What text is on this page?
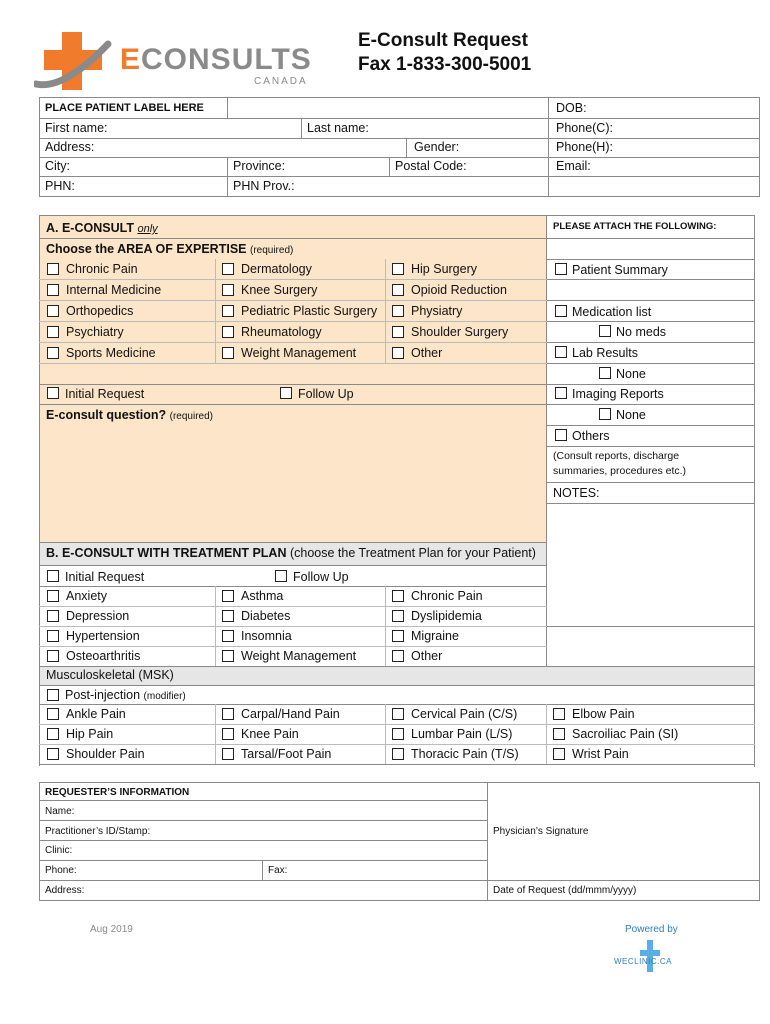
ECONSULTS
CANADA
E-Consult Request
Fax 1-833-300-5001
PLACE PATIENT LABEL HERE	DOB:
First name:	Last name:	Phone(C):
Address:	Gender:	Phone(H):
City:	Province:	Postal Code:	Email:
PHN:	PHN Prov.:
A. E-CONSULT only
Choose the AREA OF EXPERTISE (required)
Chronic Pain	Dermatology	Hip Surgery
Internal Medicine	Knee Surgery	Opioid Reduction
Orthopedics	Pediatric Plastic Surgery	Physiatry
Psychiatry	Rheumatology	Shoulder Surgery
Sports Medicine	Weight Management	Other
Initial Request	Follow Up
E-consult question? (required)
PLEASE ATTACH THE FOLLOWING:
Patient Summary
Medication list
No meds
Lab Results
None
Imaging Reports
None
Others
(Consult reports, discharge
summaries, procedures etc.)
NOTES:
B. E-CONSULT WITH TREATMENT PLAN (choose the Treatment Plan for your Patient)
Initial Request	Follow Up
Anxiety	Asthma	Chronic Pain
Depression	Diabetes	Dyslipidemia
Hypertension	Insomnia	Migraine
Osteoarthritis	Weight Management	Other
Musculoskeletal (MSK)
Post-injection (modifier)
Ankle Pain	Carpal/Hand Pain	Cervical Pain (C/S)	Elbow Pain
Hip Pain	Knee Pain	Lumbar Pain (L/S)	Sacroiliac Pain (SI)
Shoulder Pain	Tarsal/Foot Pain	Thoracic Pain (T/S)	Wrist Pain
REQUESTER’S INFORMATION
Name:
Practitioner’s ID/Stamp:	Physician’s Signature
Clinic:
Phone:	Fax:
Address:	Date of Request (dd/mmm/yyyy)
Aug 2019	Powered by
WECLINIC.CA
